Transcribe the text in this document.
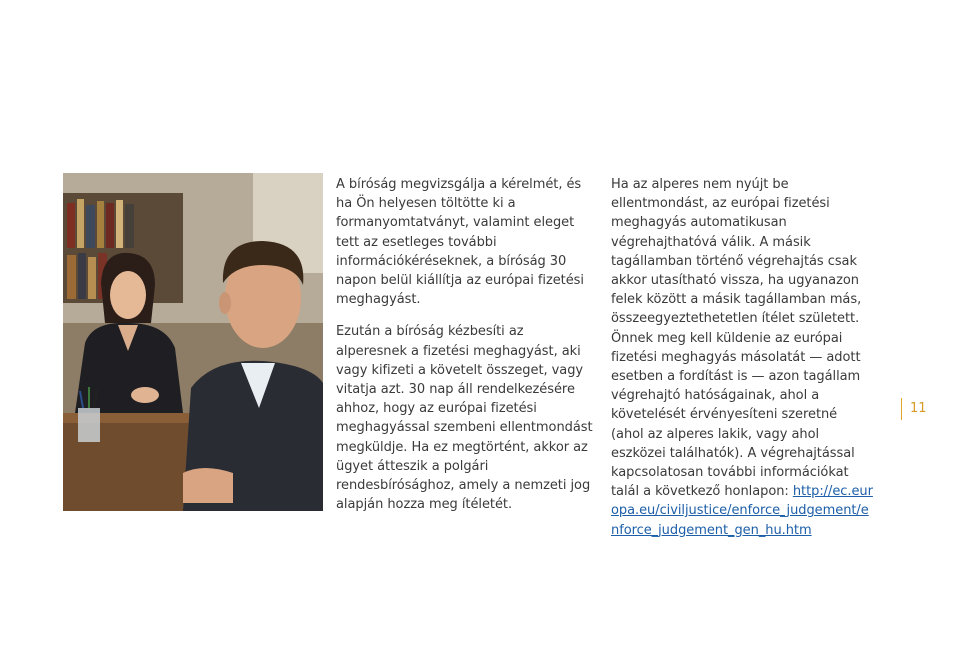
© Istockphoto.com

A bíróság megvizsgálja a kérelmét, és ha Ön helyesen töltötte ki a formanyomtatványt, valamint eleget tett az esetleges további információkéréseknek, a bíróság 30 napon belül kiállítja az európai fizetési meghagyást.

Ezután a bíróság kézbesíti az alperesnek a fizetési meghagyást, aki vagy kifizeti a követelt összeget, vagy vitatja azt. 30 nap áll rendelkezésére ahhoz, hogy az európai fizetési meghagyással szembeni ellentmondást megküldje. Ha ez megtörtént, akkor az ügyet átteszik a polgári rendesbírósághoz, amely a nemzeti jog alapján hozza meg ítéletét.

Ha az alperes nem nyújt be ellentmondást, az európai fizetési meghagyás automatikusan végrehajthatóvá válik. A másik tagállamban történő végrehajtás csak akkor utasítható vissza, ha ugyanazon felek között a másik tagállamban más, összeegyeztethetetlen ítélet született. Önnek meg kell küldenie az európai fizetési meghagyás másolatát — adott esetben a fordítást is — azon tagállam végrehajtó hatóságainak, ahol a követelését érvényesíteni szeretné (ahol az alperes lakik, vagy ahol eszközei találhatók). A végrehajtással kapcsolatosan további információkat talál a következő honlapon: http://ec.europa.eu/civiljustice/enforce_judgement/enforce_judgement_gen_hu.htm

11
